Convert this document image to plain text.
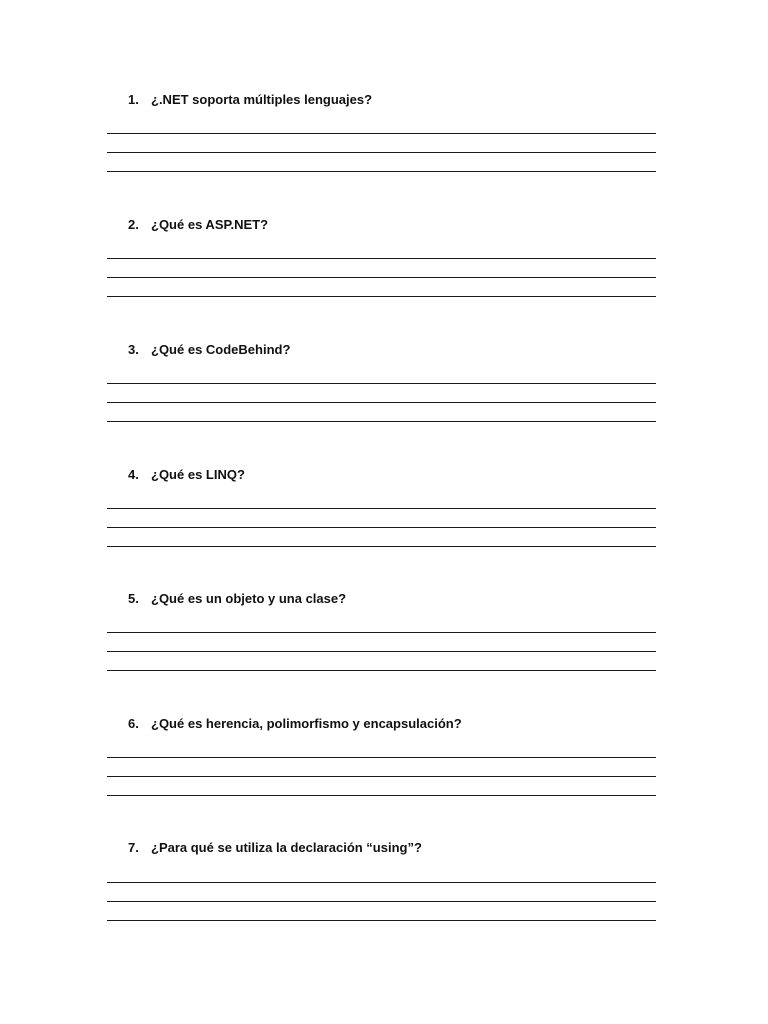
1. ¿.NET soporta múltiples lenguajes?
2. ¿Qué es ASP.NET?
3. ¿Qué es CodeBehind?
4. ¿Qué es LINQ?
5. ¿Qué es un objeto y una clase?
6. ¿Qué es herencia, polimorfismo y encapsulación?
7. ¿Para qué se utiliza la declaración “using”?
